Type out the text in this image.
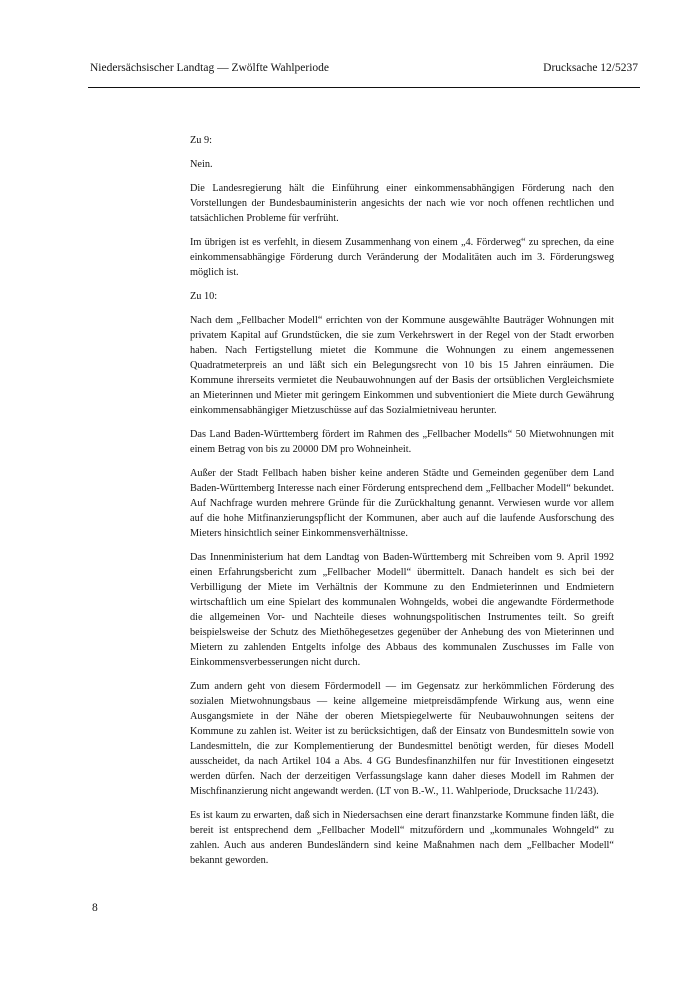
Niedersächsischer Landtag — Zwölfte Wahlperiode	Drucksache 12/5237

Zu 9:

Nein.

Die Landesregierung hält die Einführung einer einkommensabhängigen Förderung nach den Vorstellungen der Bundesbauministerin angesichts der nach wie vor noch offenen rechtlichen und tatsächlichen Probleme für verfrüht.

Im übrigen ist es verfehlt, in diesem Zusammenhang von einem „4. Förderweg“ zu sprechen, da eine einkommensabhängige Förderung durch Veränderung der Modalitäten auch im 3. Förderungsweg möglich ist.

Zu 10:

Nach dem „Fellbacher Modell“ errichten von der Kommune ausgewählte Bauträger Wohnungen mit privatem Kapital auf Grundstücken, die sie zum Verkehrswert in der Regel von der Stadt erworben haben. Nach Fertigstellung mietet die Kommune die Wohnungen zu einem angemessenen Quadratmeterpreis an und läßt sich ein Belegungsrecht von 10 bis 15 Jahren einräumen. Die Kommune ihrerseits vermietet die Neubauwohnungen auf der Basis der ortsüblichen Vergleichsmiete an Mieterinnen und Mieter mit geringem Einkommen und subventioniert die Miete durch Gewährung einkommensabhängiger Mietzuschüsse auf das Sozialmietniveau herunter.

Das Land Baden-Württemberg fördert im Rahmen des „Fellbacher Modells“ 50 Mietwohnungen mit einem Betrag von bis zu 20000 DM pro Wohneinheit.

Außer der Stadt Fellbach haben bisher keine anderen Städte und Gemeinden gegenüber dem Land Baden-Württemberg Interesse nach einer Förderung entsprechend dem „Fellbacher Modell“ bekundet. Auf Nachfrage wurden mehrere Gründe für die Zurückhaltung genannt. Verwiesen wurde vor allem auf die hohe Mitfinanzierungspflicht der Kommunen, aber auch auf die laufende Ausforschung des Mieters hinsichtlich seiner Einkommensverhältnisse.

Das Innenministerium hat dem Landtag von Baden-Württemberg mit Schreiben vom 9. April 1992 einen Erfahrungsbericht zum „Fellbacher Modell“ übermittelt. Danach handelt es sich bei der Verbilligung der Miete im Verhältnis der Kommune zu den Endmieterinnen und Endmietern wirtschaftlich um eine Spielart des kommunalen Wohngelds, wobei die angewandte Fördermethode die allgemeinen Vor- und Nachteile dieses wohnungspolitischen Instrumentes teilt. So greift beispielsweise der Schutz des Miethöhegesetzes gegenüber der Anhebung des von Mieterinnen und Mietern zu zahlenden Entgelts infolge des Abbaus des kommunalen Zuschusses im Falle von Einkommensverbesserungen nicht durch.

Zum andern geht von diesem Fördermodell — im Gegensatz zur herkömmlichen Förderung des sozialen Mietwohnungsbaus — keine allgemeine mietpreisdämpfende Wirkung aus, wenn eine Ausgangsmiete in der Nähe der oberen Mietspiegelwerte für Neubauwohnungen seitens der Kommune zu zahlen ist. Weiter ist zu berücksichtigen, daß der Einsatz von Bundesmitteln sowie von Landesmitteln, die zur Komplementierung der Bundesmittel benötigt werden, für dieses Modell ausscheidet, da nach Artikel 104 a Abs. 4 GG Bundesfinanzhilfen nur für Investitionen eingesetzt werden dürfen. Nach der derzeitigen Verfassungslage kann daher dieses Modell im Rahmen der Mischfinanzierung nicht angewandt werden. (LT von B.-W., 11. Wahlperiode, Drucksache 11/243).

Es ist kaum zu erwarten, daß sich in Niedersachsen eine derart finanzstarke Kommune finden läßt, die bereit ist entsprechend dem „Fellbacher Modell“ mitzufördern und „kommunales Wohngeld“ zu zahlen. Auch aus anderen Bundesländern sind keine Maßnahmen nach dem „Fellbacher Modell“ bekannt geworden.

8
